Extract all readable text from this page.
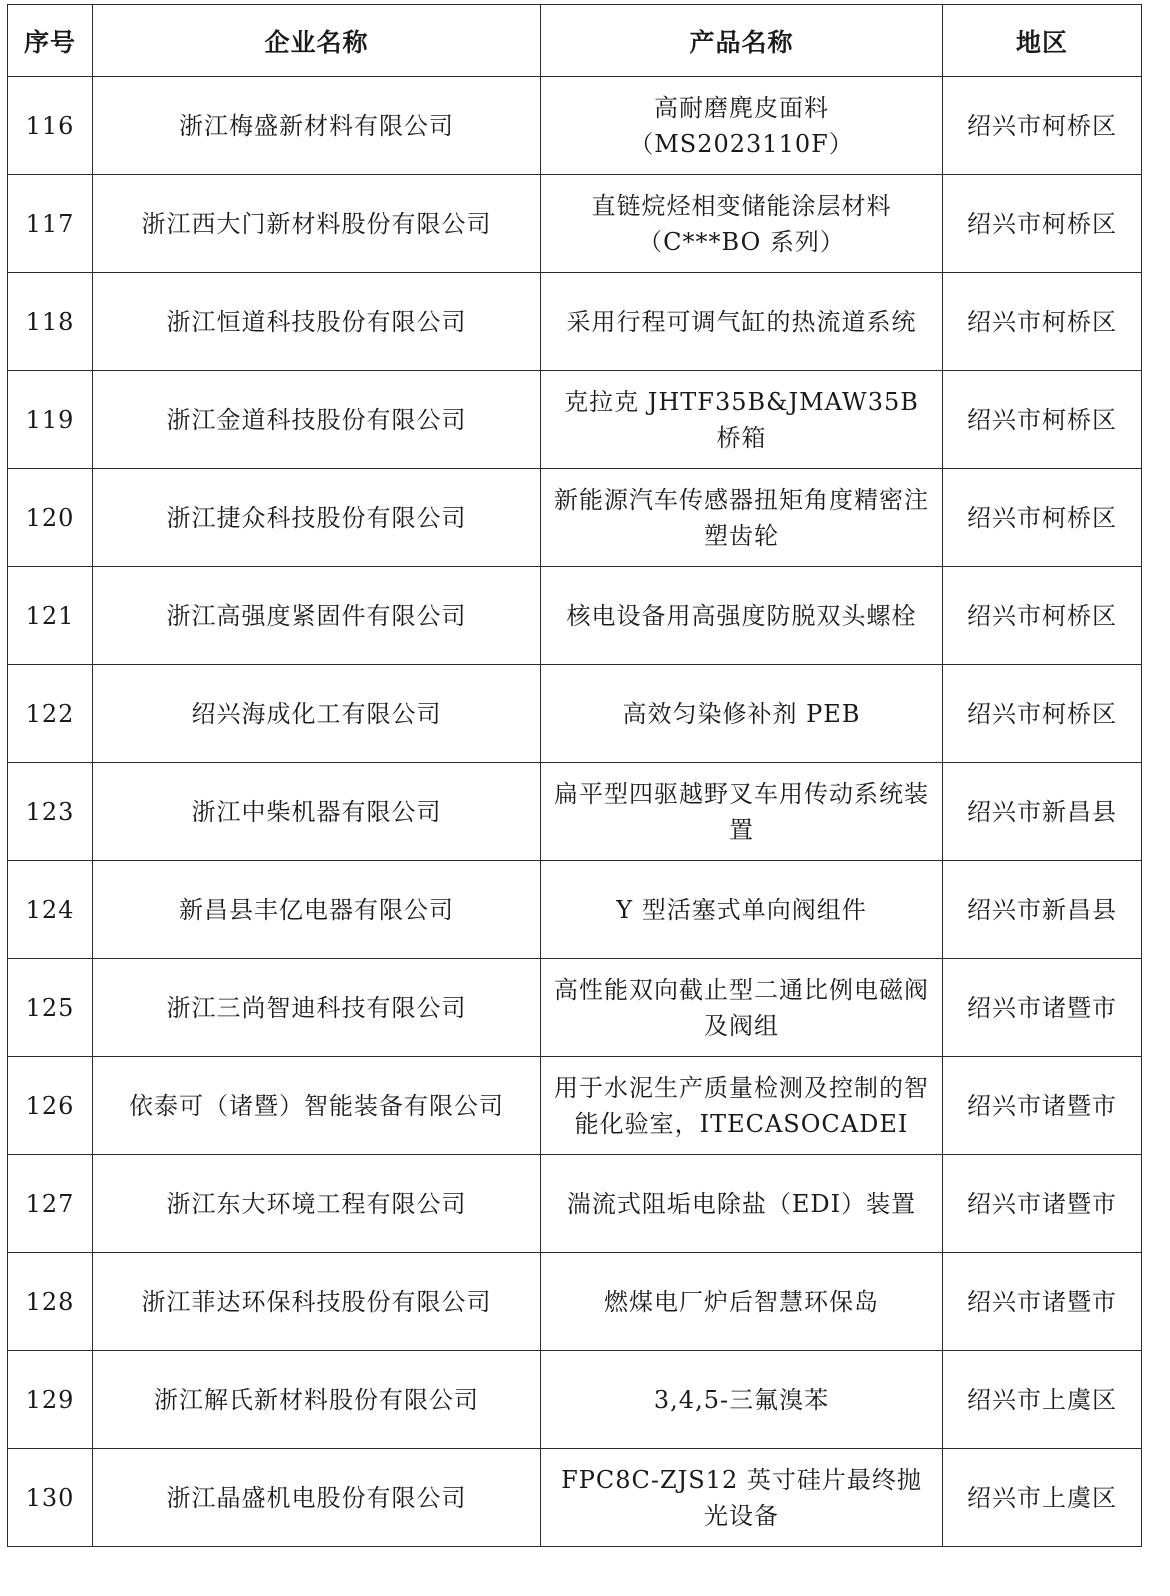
序号	企业名称	产品名称	地区
116	浙江梅盛新材料有限公司	高耐磨麂皮面料（MS2023110F）	绍兴市柯桥区
117	浙江西大门新材料股份有限公司	直链烷烃相变储能涂层材料（C***BO 系列）	绍兴市柯桥区
118	浙江恒道科技股份有限公司	采用行程可调气缸的热流道系统	绍兴市柯桥区
119	浙江金道科技股份有限公司	克拉克 JHTF35B&JMAW35B 桥箱	绍兴市柯桥区
120	浙江捷众科技股份有限公司	新能源汽车传感器扭矩角度精密注塑齿轮	绍兴市柯桥区
121	浙江高强度紧固件有限公司	核电设备用高强度防脱双头螺栓	绍兴市柯桥区
122	绍兴海成化工有限公司	高效匀染修补剂 PEB	绍兴市柯桥区
123	浙江中柴机器有限公司	扁平型四驱越野叉车用传动系统装置	绍兴市新昌县
124	新昌县丰亿电器有限公司	Y 型活塞式单向阀组件	绍兴市新昌县
125	浙江三尚智迪科技有限公司	高性能双向截止型二通比例电磁阀及阀组	绍兴市诸暨市
126	依泰可（诸暨）智能装备有限公司	用于水泥生产质量检测及控制的智能化验室，ITECASOCADEI	绍兴市诸暨市
127	浙江东大环境工程有限公司	湍流式阻垢电除盐（EDI）装置	绍兴市诸暨市
128	浙江菲达环保科技股份有限公司	燃煤电厂炉后智慧环保岛	绍兴市诸暨市
129	浙江解氏新材料股份有限公司	3,4,5-三氟溴苯	绍兴市上虞区
130	浙江晶盛机电股份有限公司	FPC8C-ZJS12 英寸硅片最终抛光设备	绍兴市上虞区
